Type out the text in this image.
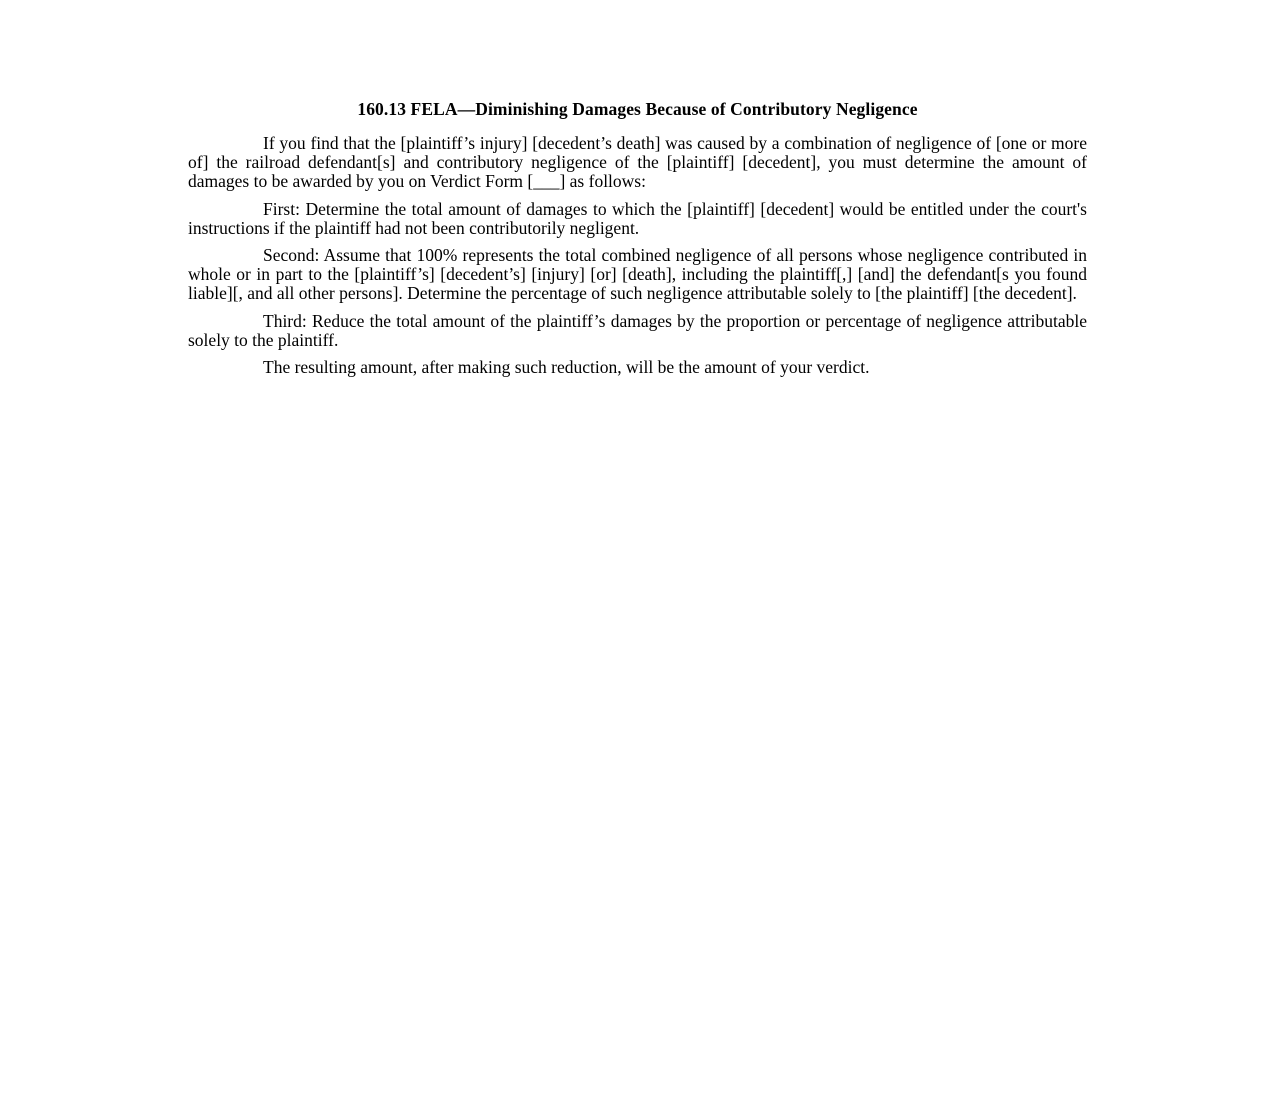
160.13 FELA—Diminishing Damages Because of Contributory Negligence

If you find that the [plaintiff’s injury] [decedent’s death] was caused by a combination of negligence of [one or more of] the railroad defendant[s] and contributory negligence of the [plaintiff] [decedent], you must determine the amount of damages to be awarded by you on Verdict Form [___] as follows:

First: Determine the total amount of damages to which the [plaintiff] [decedent] would be entitled under the court's instructions if the plaintiff had not been contributorily negligent.

Second: Assume that 100% represents the total combined negligence of all persons whose negligence contributed in whole or in part to the [plaintiff’s] [decedent’s] [injury] [or] [death], including the plaintiff[,] [and] the defendant[s you found liable][, and all other persons]. Determine the percentage of such negligence attributable solely to [the plaintiff] [the decedent].

Third: Reduce the total amount of the plaintiff’s damages by the proportion or percentage of negligence attributable solely to the plaintiff.

The resulting amount, after making such reduction, will be the amount of your verdict.
